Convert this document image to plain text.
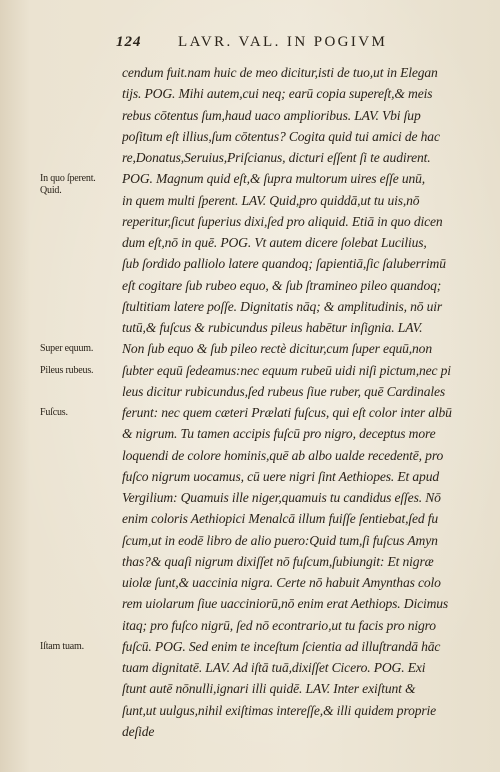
124 LAVR. VAL. IN POGIVM
In quo ſperent.
Quid.
Super equum.
Pileus rubeus.
Fuſcus.
Iſtam tuam.
cendum fuit.nam huic de meo dicitur,isti de tuo,ut in Elegan
tijs. POG. Mihi autem,cui neq; earū copia supereſt,& meis
rebus cōtentus ſum,haud uaco amplioribus. LAV. Vbi ſup
poſitum eſt illius,ſum cōtentus? Cogita quid tui amici de hac
re,Donatus,Seruius,Priſcianus, dicturi eſſent ſi te audirent.
POG. Magnum quid eſt,& ſupra multorum uires eſſe unū,
in quem multi ſperent. LAV. Quid,pro quiddā,ut tu uis,nō
reperitur,ſicut ſuperius dixi,ſed pro aliquid. Etiā in quo dicen
dum eſt,nō in quē. POG. Vt autem dicere ſolebat Lucilius,
ſub ſordido palliolo latere quandoq; ſapientiā,ſic ſaluberrimū
eſt cogitare ſub rubeo equo, & ſub ſtramineo pileo quandoq;
ſtultitiam latere poſſe. Dignitatis nāq; & amplitudinis, nō uir
tutū,& fuſcus & rubicundus pileus habētur inſignia. LAV.
Non ſub equo & ſub pileo rectè dicitur,cum ſuper equū,non
ſubter equū ſedeamus:nec equum rubeū uidi niſi pictum,nec pi
leus dicitur rubicundus,ſed rubeus ſiue ruber, quē Cardinales
ferunt: nec quem cæteri Prælati fuſcus, qui eſt color inter albū
& nigrum. Tu tamen accipis fuſcū pro nigro, deceptus more
loquendi de colore hominis,quē ab albo ualde recedentē, pro
fuſco nigrum uocamus, cū uere nigri ſint Aethiopes. Et apud
Vergilium: Quamuis ille niger,quamuis tu candidus eſſes. Nō
enim coloris Aethiopici Menalcā illum fuiſſe ſentiebat,ſed fu
ſcum,ut in eodē libro de alio puero:Quid tum,ſi fuſcus Amyn
thas?& quaſi nigrum dixiſſet nō fuſcum,ſubiungit: Et nigræ
uiolæ ſunt,& uaccinia nigra. Certe nō habuit Amynthas colo
rem uiolarum ſiue uacciniorū,nō enim erat Aethiops. Dicimus
itaq; pro fuſco nigrū, ſed nō econtrario,ut tu facis pro nigro
fuſcū. POG. Sed enim te inceſtum ſcientia ad illuſtrandā hāc
tuam dignitatē. LAV. Ad iſtā tuā,dixiſſet Cicero. POG. Exi
ſtunt autē nōnulli,ignari illi quidē. LAV. Inter exiſtunt &
ſunt,ut uulgus,nihil exiſtimas intereſſe,& illi quidem proprie
deſide
